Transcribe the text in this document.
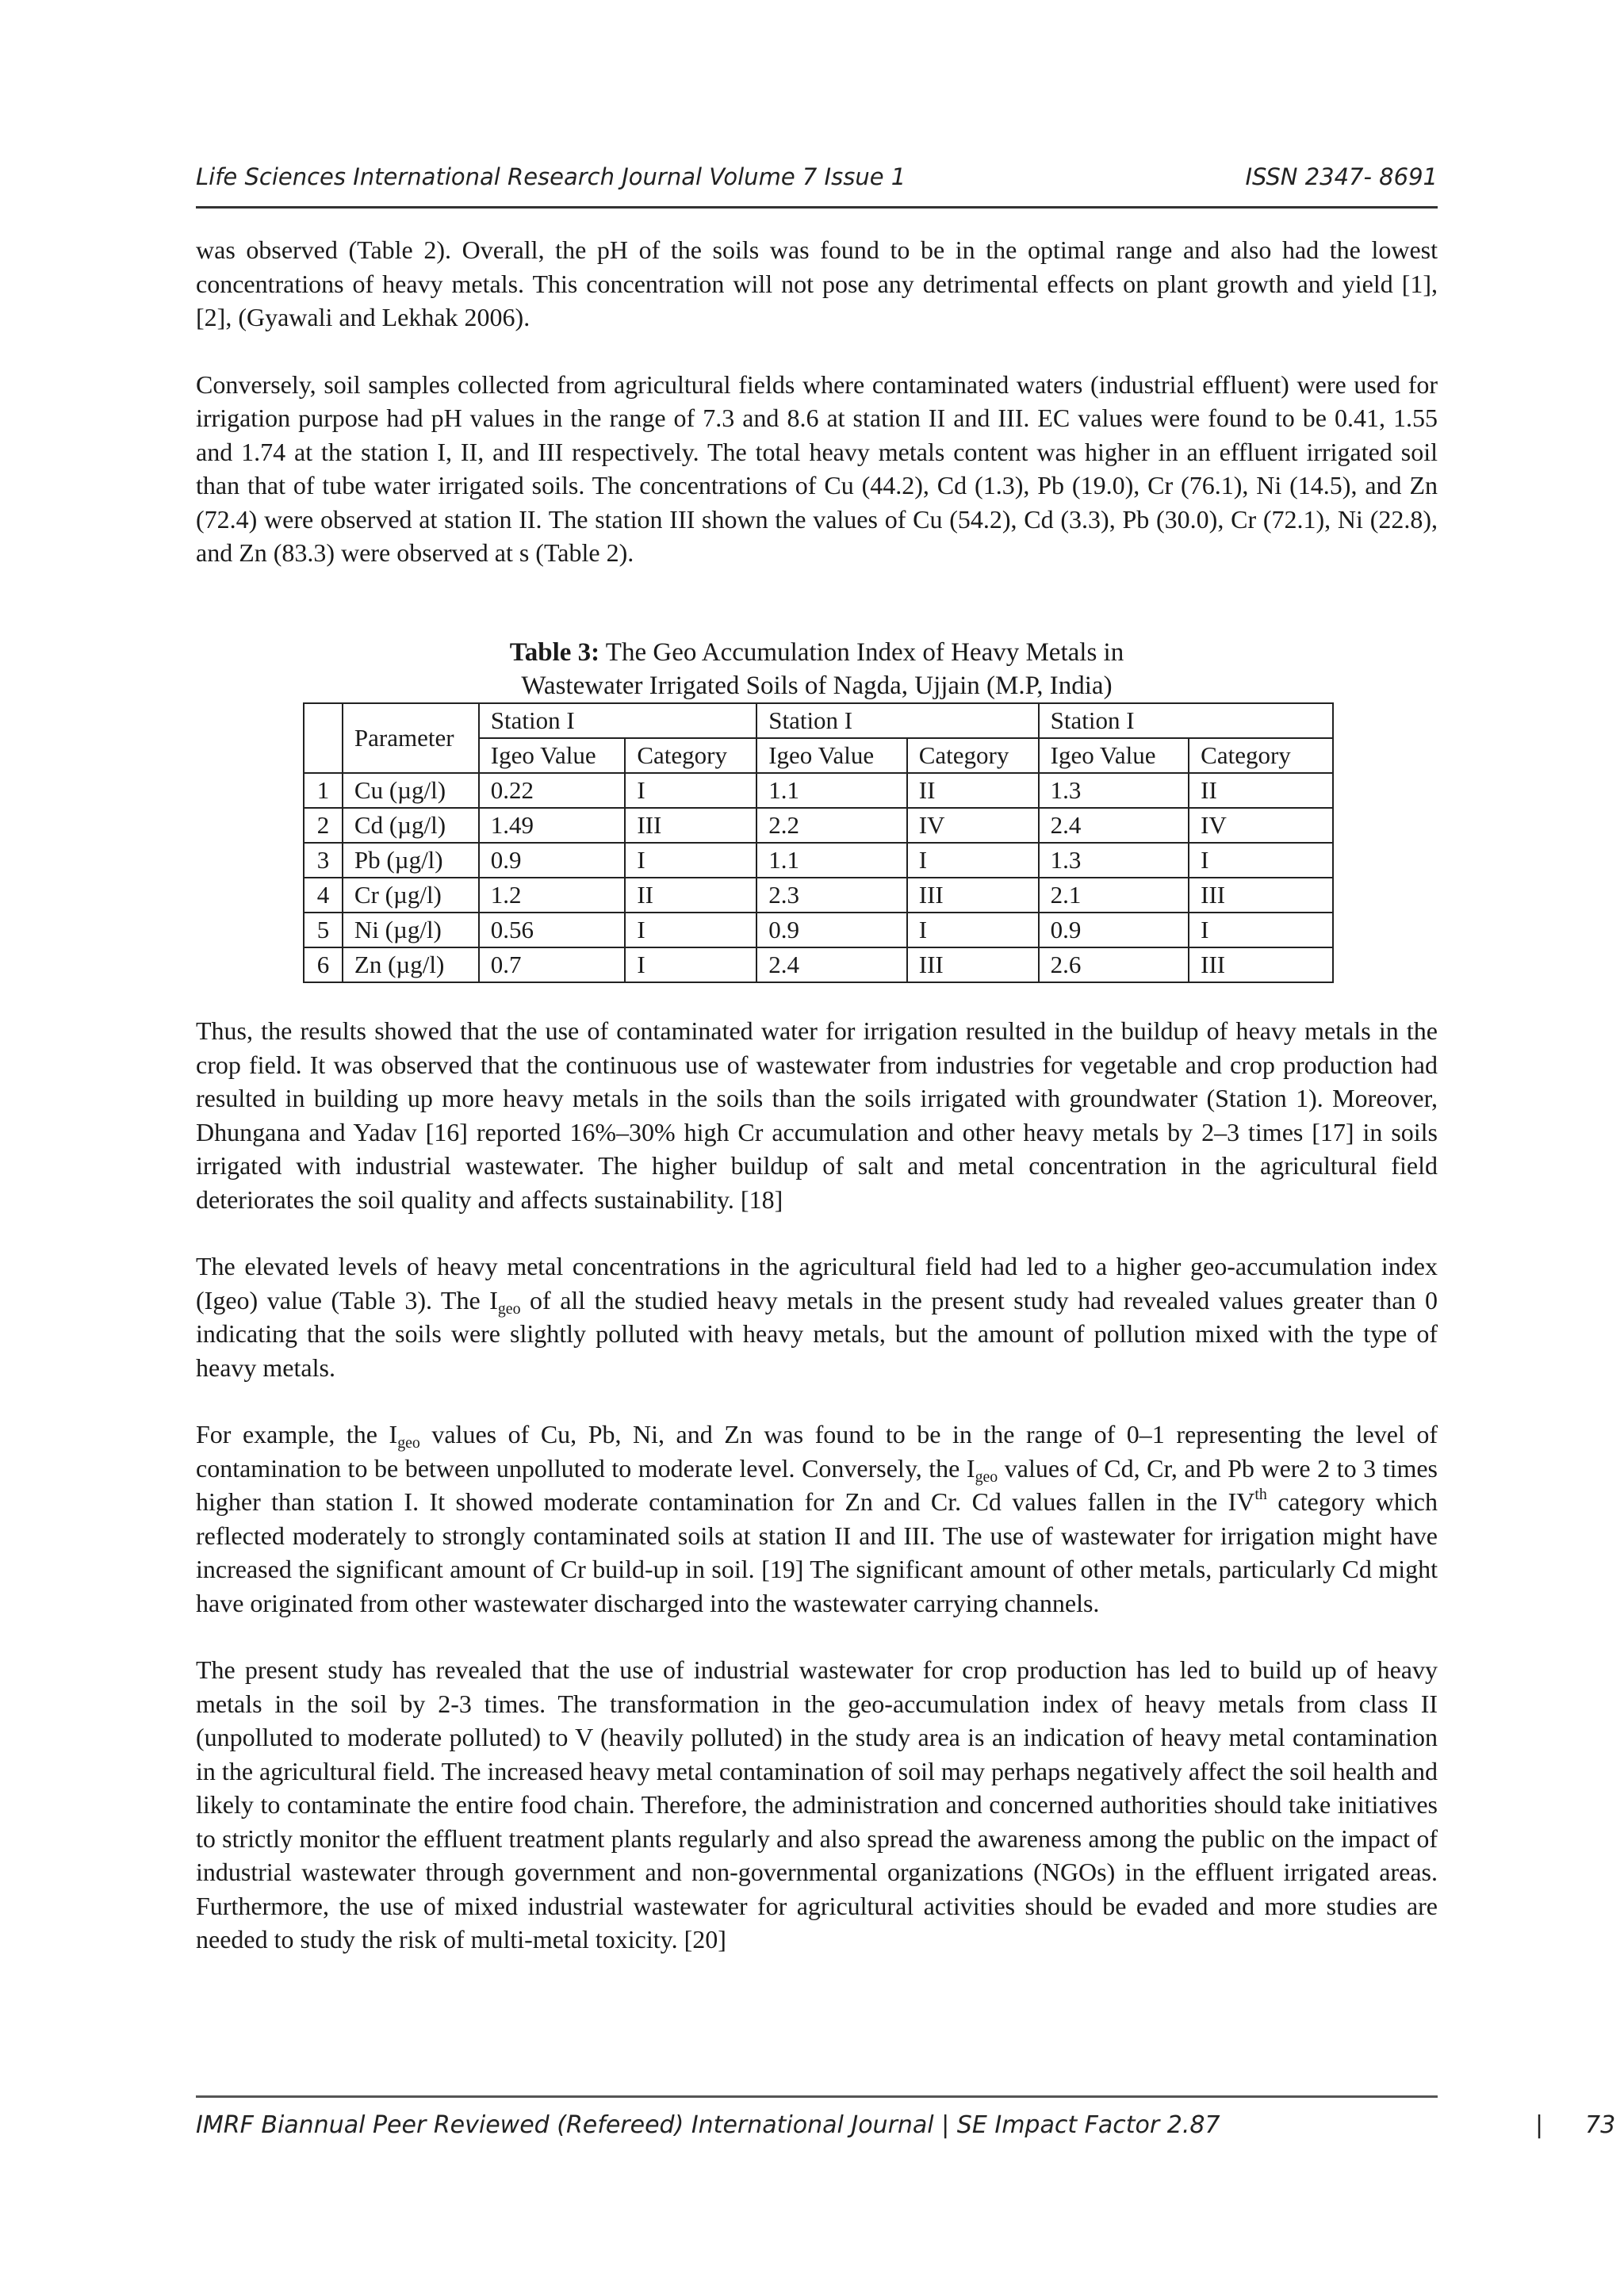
Life Sciences International Research Journal Volume 7 Issue 1	ISSN 2347- 8691

was observed (Table 2). Overall, the pH of the soils was found to be in the optimal range and also had the lowest concentrations of heavy metals. This concentration will not pose any detrimental effects on plant growth and yield [1], [2], (Gyawali and Lekhak 2006).

Conversely, soil samples collected from agricultural fields where contaminated waters (industrial effluent) were used for irrigation purpose had pH values in the range of 7.3 and 8.6 at station II and III. EC values were found to be 0.41, 1.55 and 1.74 at the station I, II, and III respectively. The total heavy metals content was higher in an effluent irrigated soil than that of tube water irrigated soils. The concentrations of Cu (44.2), Cd (1.3), Pb (19.0), Cr (76.1), Ni (14.5), and Zn (72.4) were observed at station II. The station III shown the values of Cu (54.2), Cd (3.3), Pb (30.0), Cr (72.1), Ni (22.8), and Zn (83.3) were observed at s (Table 2).

Table 3: The Geo Accumulation Index of Heavy Metals in
Wastewater Irrigated Soils of Nagda, Ujjain (M.P, India)
	Parameter	Station I		Station I		Station I	
		Igeo Value	Category	Igeo Value	Category	Igeo Value	Category
1	Cu (µg/l)	0.22	I	1.1	II	1.3	II
2	Cd (µg/l)	1.49	III	2.2	IV	2.4	IV
3	Pb (µg/l)	0.9	I	1.1	I	1.3	I
4	Cr (µg/l)	1.2	II	2.3	III	2.1	III
5	Ni (µg/l)	0.56	I	0.9	I	0.9	I
6	Zn (µg/l)	0.7	I	2.4	III	2.6	III

Thus, the results showed that the use of contaminated water for irrigation resulted in the buildup of heavy metals in the crop field. It was observed that the continuous use of wastewater from industries for vegetable and crop production had resulted in building up more heavy metals in the soils than the soils irrigated with groundwater (Station 1). Moreover, Dhungana and Yadav [16] reported 16%–30% high Cr accumulation and other heavy metals by 2–3 times [17] in soils irrigated with industrial wastewater. The higher buildup of salt and metal concentration in the agricultural field deteriorates the soil quality and affects sustainability. [18]

The elevated levels of heavy metal concentrations in the agricultural field had led to a higher geo-accumulation index (Igeo) value (Table 3). The $I_{geo}$ of all the studied heavy metals in the present study had revealed values greater than 0 indicating that the soils were slightly polluted with heavy metals, but the amount of pollution mixed with the type of heavy metals.

For example, the $I_{geo}$ values of Cu, Pb, Ni, and Zn was found to be in the range of 0–1 representing the level of contamination to be between unpolluted to moderate level. Conversely, the $I_{geo}$ values of Cd, Cr, and Pb were 2 to 3 times higher than station I. It showed moderate contamination for Zn and Cr. Cd values fallen in the IVth category which reflected moderately to strongly contaminated soils at station II and III. The use of wastewater for irrigation might have increased the significant amount of Cr build-up in soil. [19] The significant amount of other metals, particularly Cd might have originated from other wastewater discharged into the wastewater carrying channels.

The present study has revealed that the use of industrial wastewater for crop production has led to build up of heavy metals in the soil by 2-3 times. The transformation in the geo-accumulation index of heavy metals from class II (unpolluted to moderate polluted) to V (heavily polluted) in the study area is an indication of heavy metal contamination in the agricultural field. The increased heavy metal contamination of soil may perhaps negatively affect the soil health and likely to contaminate the entire food chain. Therefore, the administration and concerned authorities should take initiatives to strictly monitor the effluent treatment plants regularly and also spread the awareness among the public on the impact of industrial wastewater through government and non-governmental organizations (NGOs) in the effluent irrigated areas. Furthermore, the use of mixed industrial wastewater for agricultural activities should be evaded and more studies are needed to study the risk of multi-metal toxicity. [20]

IMRF Biannual Peer Reviewed (Refereed) International Journal | SE Impact Factor 2.87	| 73
